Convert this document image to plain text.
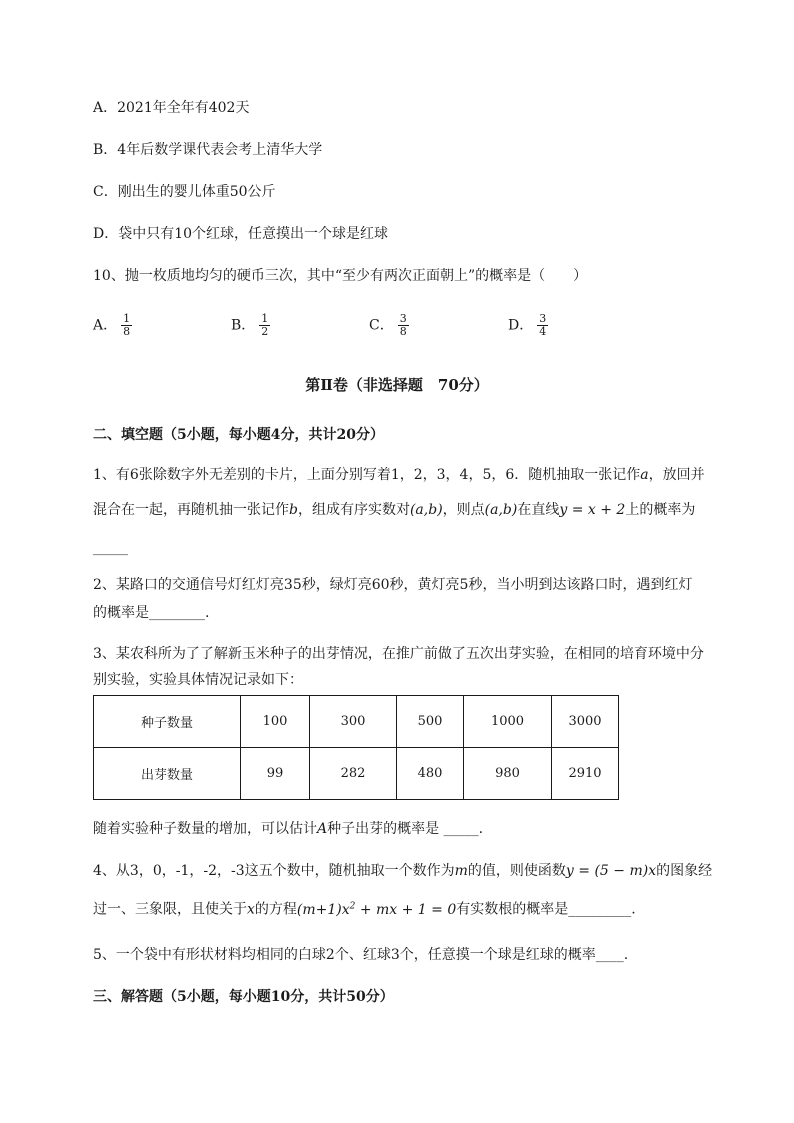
A．2021年全年有402天
B．4年后数学课代表会考上清华大学
C．刚出生的婴儿体重50公斤
D．袋中只有10个红球，任意摸出一个球是红球
10、抛一枚质地均匀的硬币三次，其中“至少有两次正面朝上”的概率是（　　）
A． $\frac{1}{8}$	B． $\frac{1}{2}$	C． $\frac{3}{8}$	D． $\frac{3}{4}$
第Ⅱ卷（非选择题　70分）
二、填空题（5小题，每小题4分，共计20分）
1、有6张除数字外无差别的卡片，上面分别写着1，2，3，4，5，6．随机抽取一张记作a，放回并
混合在一起，再随机抽一张记作b，组成有序实数对(a,b)，则点(a,b)在直线y = x + 2上的概率为
_____
2、某路口的交通信号灯红灯亮35秒，绿灯亮60秒，黄灯亮5秒，当小明到达该路口时，遇到红灯
的概率是________.
3、某农科所为了了解新玉米种子的出芽情况，在推广前做了五次出芽实验，在相同的培育环境中分
别实验，实验具体情况记录如下：
种子数量	100	300	500	1000	3000
出芽数量	99	282	480	980	2910
随着实验种子数量的增加，可以估计A种子出芽的概率是 _____.
4、从3，0，-1，-2，-3这五个数中，随机抽取一个数作为m的值，则使函数y = (5 − m)x的图象经
过一、三象限，且使关于x的方程$(m+1)x^2$ + mx + 1 = 0有实数根的概率是_________.
5、一个袋中有形状材料均相同的白球2个、红球3个，任意摸一个球是红球的概率____.
三、解答题（5小题，每小题10分，共计50分）
